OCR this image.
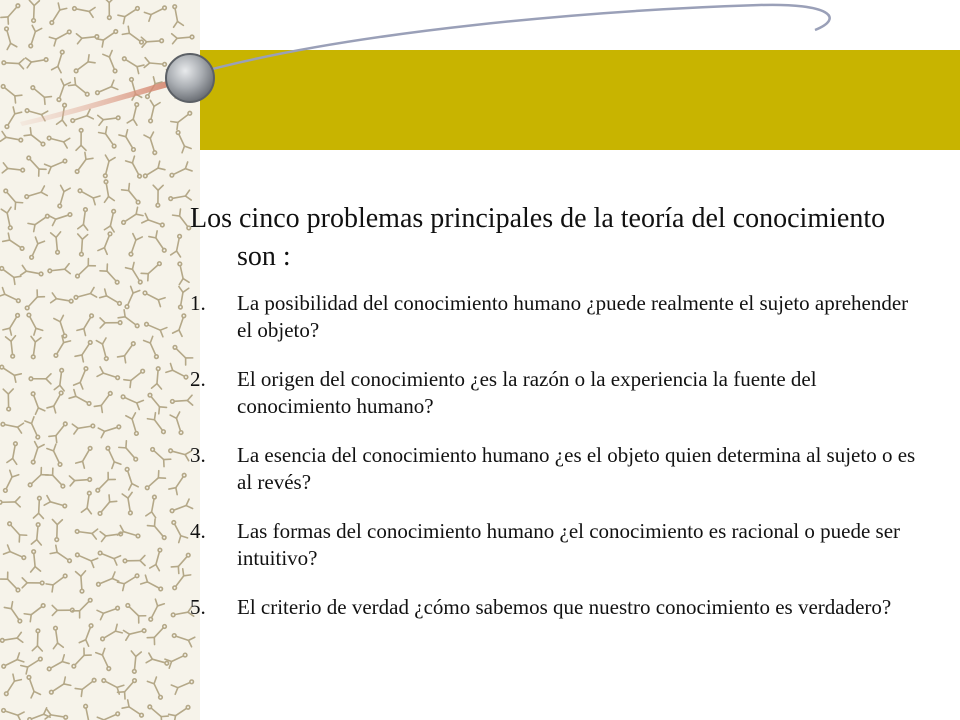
Los cinco problemas principales de la teoría del conocimiento son :

1. La posibilidad del conocimiento humano ¿puede realmente el sujeto aprehender el objeto?
2. El origen del conocimiento ¿es la razón o la experiencia la fuente del conocimiento humano?
3. La esencia del conocimiento humano ¿es el objeto quien determina al sujeto o es al revés?
4. Las formas del conocimiento humano ¿el conocimiento es racional o puede ser intuitivo?
5. El criterio de verdad ¿cómo sabemos que nuestro conocimiento es verdadero?
